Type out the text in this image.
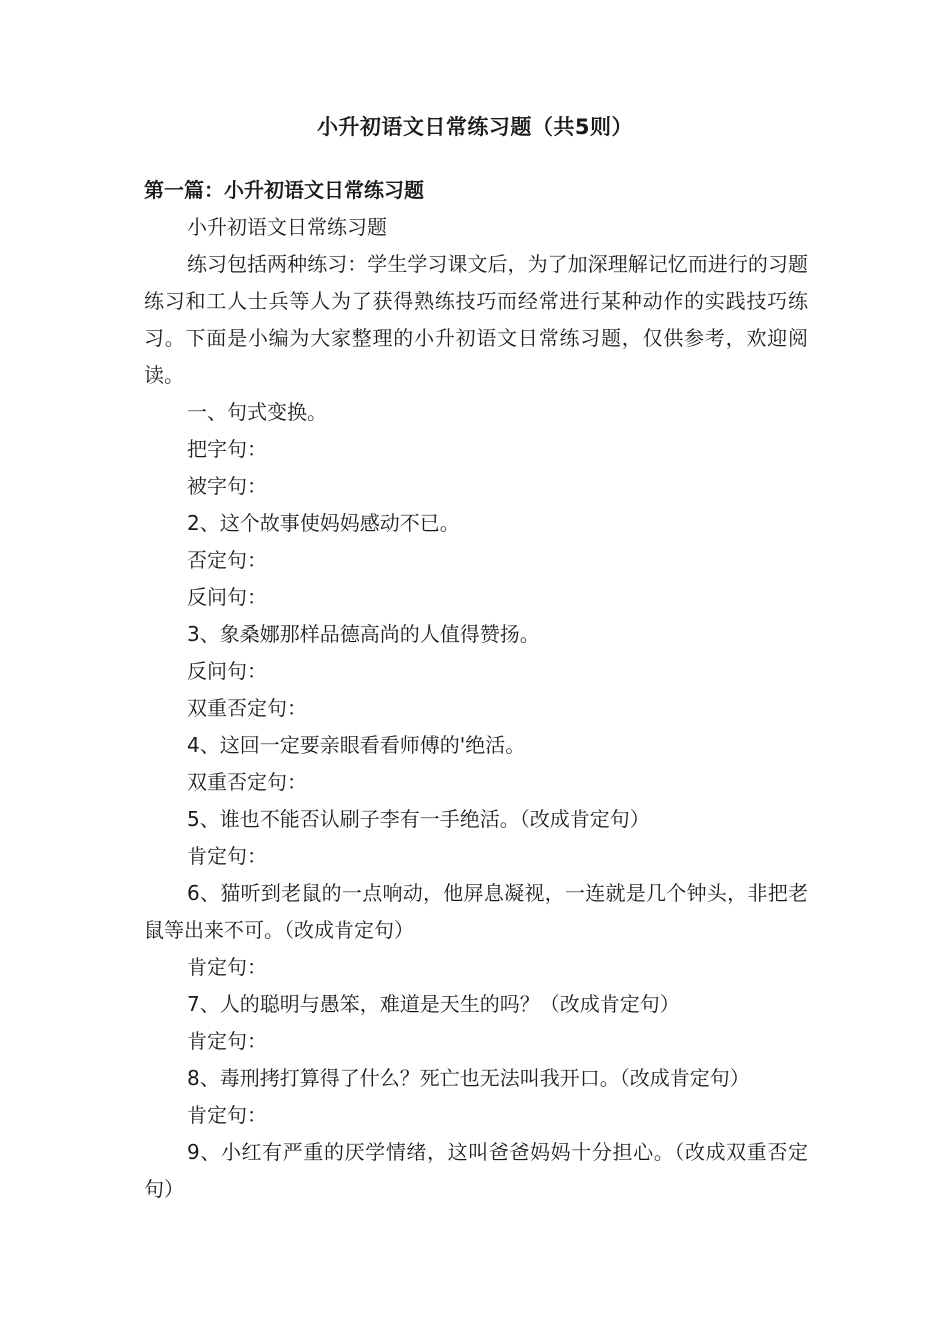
小升初语文日常练习题（共5则）
第一篇：小升初语文日常练习题

小升初语文日常练习题

练习包括两种练习：学生学习课文后，为了加深理解记忆而进行的习题练习和工人士兵等人为了获得熟练技巧而经常进行某种动作的实践技巧练习。下面是小编为大家整理的小升初语文日常练习题，仅供参考，欢迎阅读。

一、句式变换。

把字句：

被字句：

2、这个故事使妈妈感动不已。

否定句：

反问句：

3、象桑娜那样品德高尚的人值得赞扬。

反问句：

双重否定句：

4、这回一定要亲眼看看师傅的'绝活。

双重否定句：

5、谁也不能否认刷子李有一手绝活。（改成肯定句）

肯定句：

6、猫听到老鼠的一点响动，他屏息凝视，一连就是几个钟头，非把老鼠等出来不可。（改成肯定句）

肯定句：

7、人的聪明与愚笨，难道是天生的吗？（改成肯定句）

肯定句：

8、毒刑拷打算得了什么？死亡也无法叫我开口。（改成肯定句）

肯定句：

9、小红有严重的厌学情绪，这叫爸爸妈妈十分担心。（改成双重否定句）
